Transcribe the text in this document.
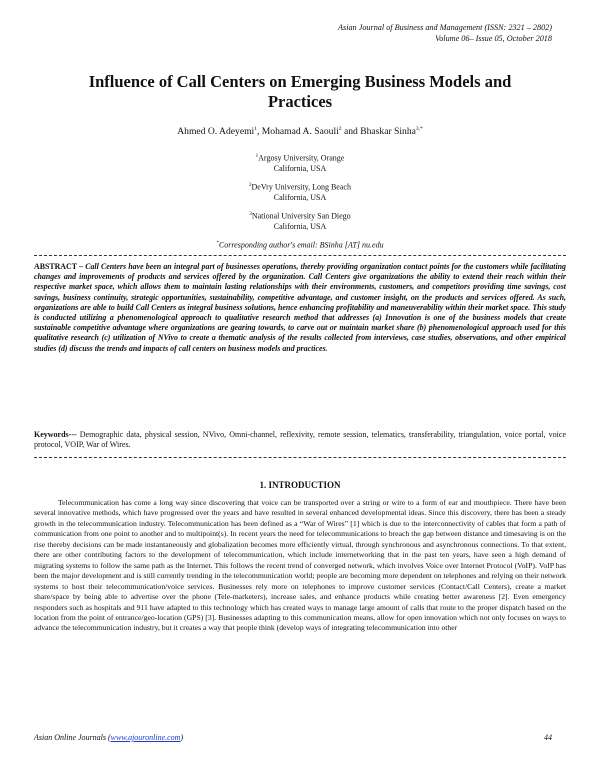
Asian Journal of Business and Management (ISSN: 2321 – 2802)
Volume 06– Issue 05, October 2018
Influence of Call Centers on Emerging Business Models and Practices
Ahmed O. Adeyemi$^1$, Mohamad A. Saouli$^2$ and Bhaskar Sinha$^{3,*}$
$^1$Argosy University, Orange
California, USA
$^2$DeVry University, Long Beach
California, USA
$^3$National University San Diego
California, USA
*Corresponding author's email: BSinha [AT] nu.edu
ABSTRACT – Call Centers have been an integral part of businesses operations, thereby providing organization contact points for the customers while facilitating changes and improvements of products and services offered by the organization. Call Centers give organizations the ability to extend their reach within their respective market space, which allows them to maintain lasting relationships with their environments, customers, and competitors providing time savings, cost savings, business continuity, strategic opportunities, sustainability, competitive advantage, and customer insight, on the products and services offered. As such, organizations are able to build Call Centers as integral business solutions, hence enhancing profitability and maneuverability within their market space. This study is conducted utilizing a phenomenological approach to qualitative research method that addresses (a) Innovation is one of the business models that create sustainable competitive advantage where organizations are gearing towards, to carve out or maintain market share (b) phenomenological approach used for this qualitative research (c) utilization of NVivo to create a thematic analysis of the results collected from interviews, case studies, observations, and other empirical studies (d) discuss the trends and impacts of call centers on business models and practices.
Keywords--- Demographic data, physical session, NVivo, Omni-channel, reflexivity, remote session, telematics, transferability, triangulation, voice portal, voice protocol, VOIP, War of Wires.
1. INTRODUCTION
Telecommunication has come a long way since discovering that voice can be transported over a string or wire to a form of ear and mouthpiece. There have been several innovative methods, which have progressed over the years and have resulted in several enhanced developmental ideas. Since this discovery, there has been a steady growth in the telecommunication industry. Telecommunication has been defined as a “War of Wires” [1] which is due to the interconnectivity of cables that form a path of communication from one point to another and to multipoint(s). In recent years the need for telecommunications to breach the gap between distance and timesaving is on the rise thereby decisions can be made instantaneously and globalization becomes more efficiently virtual, through synchronous and asynchronous connections. To that extent, there are other contributing factors to the development of telecommunication, which include internetworking that in the past ten years, have seen a high demand of migrating systems to follow the same path as the Internet. This follows the recent trend of converged network, which involves Voice over Internet Protocol (VoIP). VoIP has been the major development and is still currently trending in the telecommunication world; people are becoming more dependent on telephones and relying on their network systems to host their telecommunication/voice services. Businesses rely more on telephones to improve customer services (Contact/Call Centers), create a market share/space by being able to advertise over the phone (Tele-marketers), increase sales, and enhance products while creating better awareness [2]. Even emergency responders such as hospitals and 911 have adapted to this technology which has created ways to manage large amount of calls that route to the proper dispatch based on the location from the point of entrance/geo-location (GPS) [3]. Businesses adapting to this communication means, allow for open innovation which not only focuses on ways to advance the telecommunication industry, but it creates a way that people think (develop ways of integrating telecommunication into other
Asian Online Journals (www.ajouronline.com)	44
